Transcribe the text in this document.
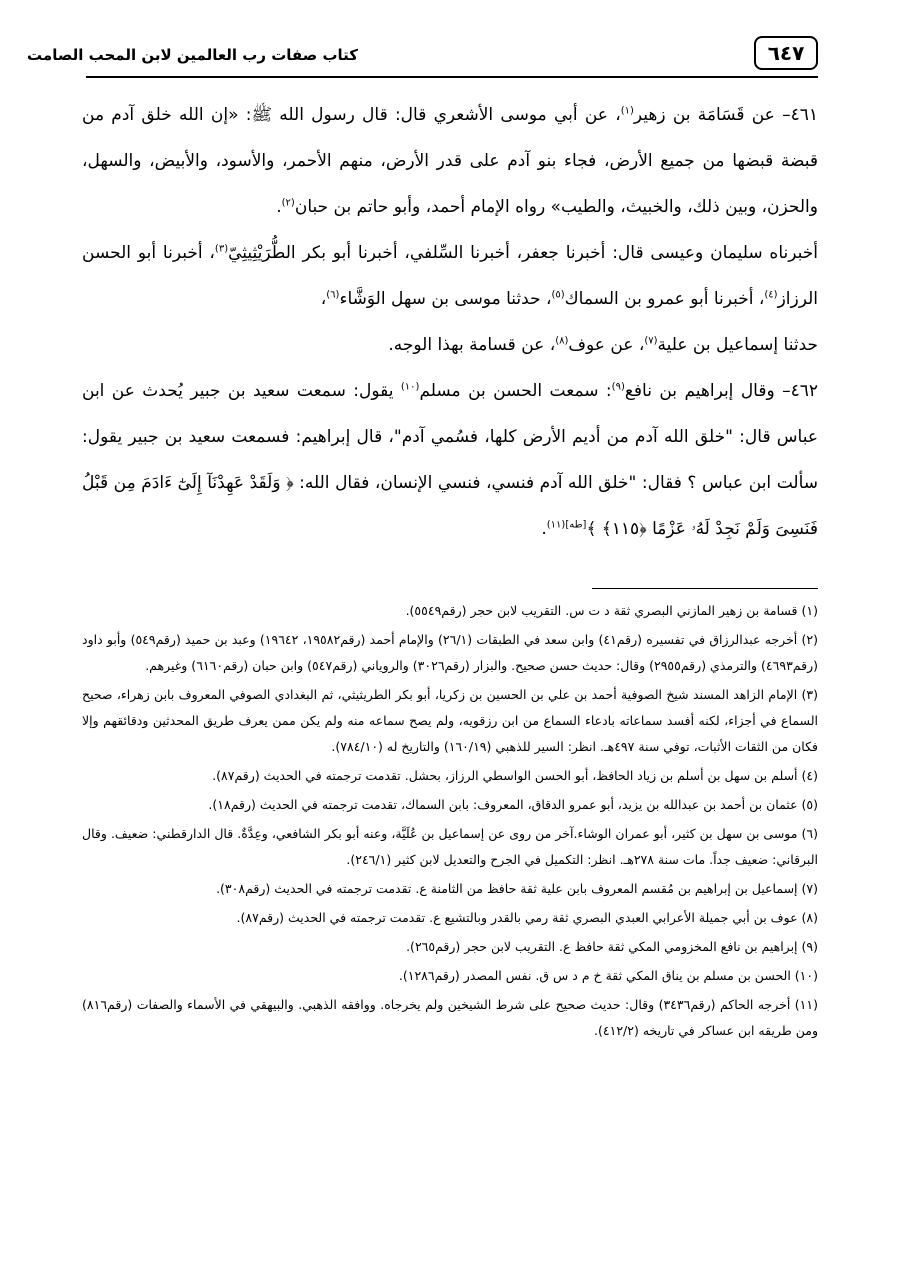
٦٤٧
كتاب صفات رب العالمين لابن المحب الصامت

٤٦١– عن قَسَامَة بن زهير$^{(١)}$، عن أبي موسى الأشعري قال: قال رسول الله ﷺ: «إن الله خلق آدم من قبضة قبضها من جميع الأرض، فجاء بنو آدم على قدر الأرض، منهم الأحمر، والأسود، والأبيض، والسهل، والحزن، وبين ذلك، والخبيث، والطيب» رواه الإمام أحمد، وأبو حاتم بن حبان$^{(٢)}$.

أخبرناه سليمان وعيسى قال: أخبرنا جعفر، أخبرنا السِّلفي، أخبرنا أبو بكر الطُّرَيْثِيثِيّ$^{(٣)}$، أخبرنا أبو الحسن الرزاز$^{(٤)}$، أخبرنا أبو عمرو بن السماك$^{(٥)}$، حدثنا موسى بن سهل الوَشَّاء$^{(٦)}$،

حدثنا إسماعيل بن علية$^{(٧)}$، عن عوف$^{(٨)}$، عن قسامة بهذا الوجه.

٤٦٢– وقال إبراهيم بن نافع$^{(٩)}$: سمعت الحسن بن مسلم$^{(١٠)}$ يقول: سمعت سعيد بن جبير يُحدث عن ابن عباس قال: "خلق الله آدم من أديم الأرض كلها، فسُمي آدم"، قال إبراهيم: فسمعت سعيد بن جبير يقول: سألت ابن عباس ؟ فقال: "خلق الله آدم فنسي، فنسي الإنسان، فقال الله: ﴿ وَلَقَدْ عَهِدْنَآ إِلَىٰٓ ءَادَمَ مِن قَبْلُ فَنَسِىَ وَلَمْ نَجِدْ لَهُۥ عَزْمًا ﴿١١٥﴾ ﴾$^{[طه](١١)}$.

(١) قسامة بن زهير المازني البصري ثقة د ت س. التقريب لابن حجر (رقم٥٥٤٩).

(٢) أخرجه عبدالرزاق في تفسيره (رقم٤١) وابن سعد في الطبقات (٢٦/١) والإمام أحمد (رقم١٩٥٨٢، ١٩٦٤٢) وعبد بن حميد (رقم٥٤٩) وأبو داود (رقم٤٦٩٣) والترمذي (رقم٢٩٥٥) وقال: حديث حسن صحيح. والبزار (رقم٣٠٢٦) والروياني (رقم٥٤٧) وابن حبان (رقم٦١٦٠) وغيرهم.

(٣) الإمام الزاهد المسند شيخ الصوفية أحمد بن علي بن الحسين بن زكريا، أبو بكر الطريثيثي، ثم البغدادي الصوفي المعروف بابن زهراء، صحيح السماع في أجزاء، لكنه أفسد سماعاته بادعاء السماع من ابن رزقويه، ولم يصح سماعه منه ولم يكن ممن يعرف طريق المحدثين ودقائقهم وإلا فكان من الثقات الأثبات، توفي سنة ٤٩٧هـ. انظر: السير للذهبي (١٦٠/١٩) والتاريخ له (٧٨٤/١٠).

(٤) أسلم بن سهل بن أسلم بن زياد الحافظ، أبو الحسن الواسطي الرزاز، بحشل. تقدمت ترجمته في الحديث (رقم٨٧).

(٥) عثمان بن أحمد بن عبدالله بن يزيد، أبو عمرو الدقاق، المعروف: بابن السماك، تقدمت ترجمته في الحديث (رقم١٨).

(٦) موسى بن سهل بن كثير، أبو عمران الوشاء.آخر من روى عن إسماعيل بن عُلَيَّة، وعنه أبو بكر الشافعي، وعِدَّةٌ. قال الدارقطني: ضعيف. وقال البرقاني: ضعيف جداً. مات سنة ٢٧٨هـ. انظر: التكميل في الجرح والتعديل لابن كثير (٢٤٦/١).

(٧) إسماعيل بن إبراهيم بن مُقسم المعروف بابن علية ثقة حافظ من الثامنة ع. تقدمت ترجمته في الحديث (رقم٣٠٨).

(٨) عوف بن أبي جميلة الأعرابي العبدي البصري ثقة رمي بالقدر وبالتشيع ع. تقدمت ترجمته في الحديث (رقم٨٧).

(٩) إبراهيم بن نافع المخزومي المكي ثقة حافظ ع. التقريب لابن حجر (رقم٢٦٥).

(١٠) الحسن بن مسلم بن يناق المكي ثقة خ م د س ق. نفس المصدر (رقم١٢٨٦).

(١١) أخرجه الحاكم (رقم٣٤٣٦) وقال: حديث صحيح على شرط الشيخين ولم يخرجاه. ووافقه الذهبي. والبيهقي في الأسماء والصفات (رقم٨١٦) ومن طريقه ابن عساكر في تاريخه (٤١٢/٢).
